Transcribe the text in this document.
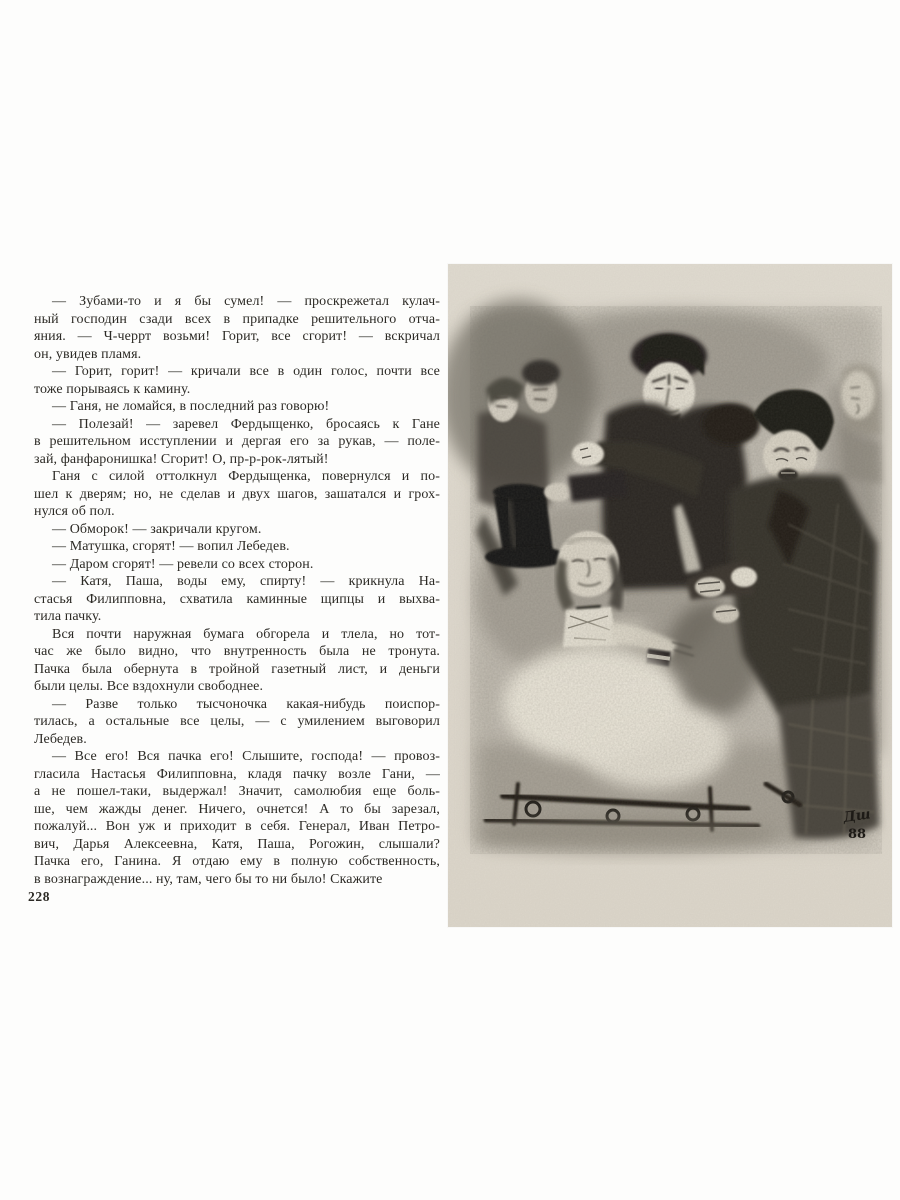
— Зубами-то и я бы сумел! — проскрежетал кулач-
ный господин сзади всех в припадке решительного отча-
яния. — Ч-черрт возьми! Горит, все сгорит! — вскричал
он, увидев пламя.
— Горит, горит! — кричали все в один голос, почти все
тоже порываясь к камину.
— Ганя, не ломайся, в последний раз говорю!
— Полезай! — заревел Фердыщенко, бросаясь к Гане
в решительном исступлении и дергая его за рукав, — поле-
зай, фанфаронишка! Сгорит! О, пр-р-рок-лятый!
Ганя с силой оттолкнул Фердыщенка, повернулся и по-
шел к дверям; но, не сделав и двух шагов, зашатался и грох-
нулся об пол.
— Обморок! — закричали кругом.
— Матушка, сгорят! — вопил Лебедев.
— Даром сгорят! — ревели со всех сторон.
— Катя, Паша, воды ему, спирту! — крикнула На-
стасья Филипповна, схватила каминные щипцы и выхва-
тила пачку.
Вся почти наружная бумага обгорела и тлела, но тот-
час же было видно, что внутренность была не тронута.
Пачка была обернута в тройной газетный лист, и деньги
были целы. Все вздохнули свободнее.
— Разве только тысчоночка какая-нибудь поиспор-
тилась, а остальные все целы, — с умилением выговорил
Лебедев.
— Все его! Вся пачка его! Слышите, господа! — провоз-
гласила Настасья Филипповна, кладя пачку возле Гани, —
а не пошел-таки, выдержал! Значит, самолюбия еще боль-
ше, чем жажды денег. Ничего, очнется! А то бы зарезал,
пожалуй... Вон уж и приходит в себя. Генерал, Иван Петро-
вич, Дарья Алексеевна, Катя, Паша, Рогожин, слышали?
Пачка его, Ганина. Я отдаю ему в полную собственность,
в вознаграждение... ну, там, чего бы то ни было! Скажите
228
Дш
88
